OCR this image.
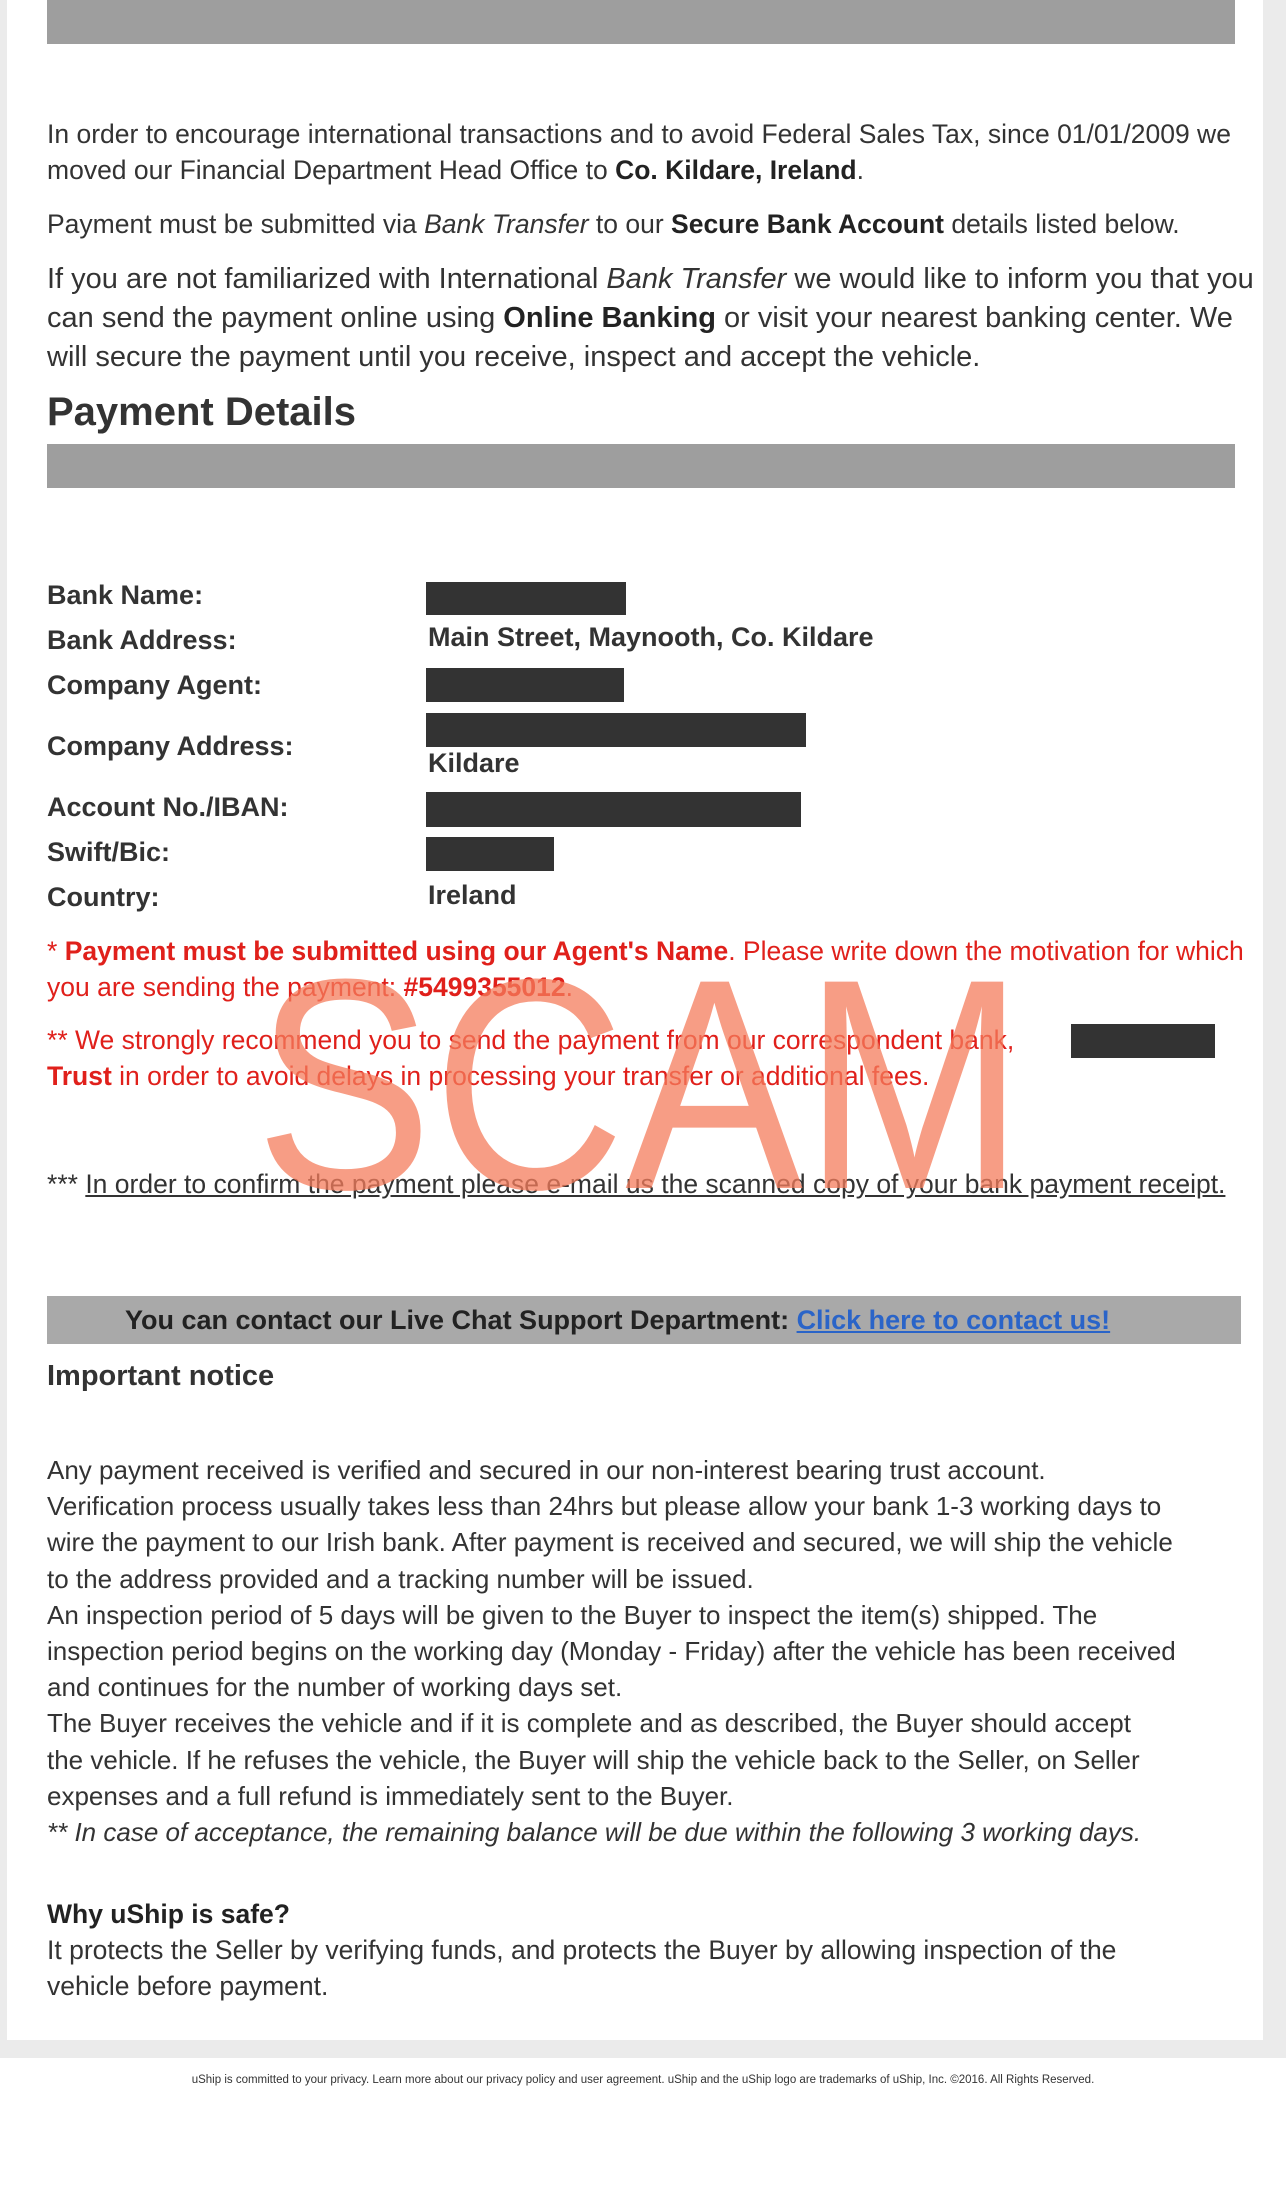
In order to encourage international transactions and to avoid Federal Sales Tax, since 01/01/2009 we moved our Financial Department Head Office to Co. Kildare, Ireland.

Payment must be submitted via Bank Transfer to our Secure Bank Account details listed below.

If you are not familiarized with International Bank Transfer we would like to inform you that you can send the payment online using Online Banking or visit your nearest banking center. We will secure the payment until you receive, inspect and accept the vehicle.

Payment Details
Bank Name:
Bank Address:	Main Street, Maynooth, Co. Kildare
Company Agent:
Company Address:
Kildare
Account No./IBAN:
Swift/Bic:
Country:	Ireland

* Payment must be submitted using our Agent's Name. Please write down the motivation for which you are sending the payment: #5499355012.

** We strongly recommend you to send the payment from our correspondent bank,

Trust in order to avoid delays in processing your transfer or additional fees.

*** In order to confirm the payment please e-mail us the scanned copy of your bank payment receipt.

You can contact our Live Chat Support Department: Click here to contact us!
Important notice
Any payment received is verified and secured in our non-interest bearing trust account.
Verification process usually takes less than 24hrs but please allow your bank 1-3 working days to
wire the payment to our Irish bank. After payment is received and secured, we will ship the vehicle
to the address provided and a tracking number will be issued.
An inspection period of 5 days will be given to the Buyer to inspect the item(s) shipped. The
inspection period begins on the working day (Monday - Friday) after the vehicle has been received
and continues for the number of working days set.
The Buyer receives the vehicle and if it is complete and as described, the Buyer should accept
the vehicle. If he refuses the vehicle, the Buyer will ship the vehicle back to the Seller, on Seller
expenses and a full refund is immediately sent to the Buyer.
** In case of acceptance, the remaining balance will be due within the following 3 working days.
Why uShip is safe?
It protects the Seller by verifying funds, and protects the Buyer by allowing inspection of the
vehicle before payment.
uShip is committed to your privacy. Learn more about our privacy policy and user agreement. uShip and the uShip logo are trademarks of uShip, Inc. ©2016. All Rights Reserved.
SCAM
